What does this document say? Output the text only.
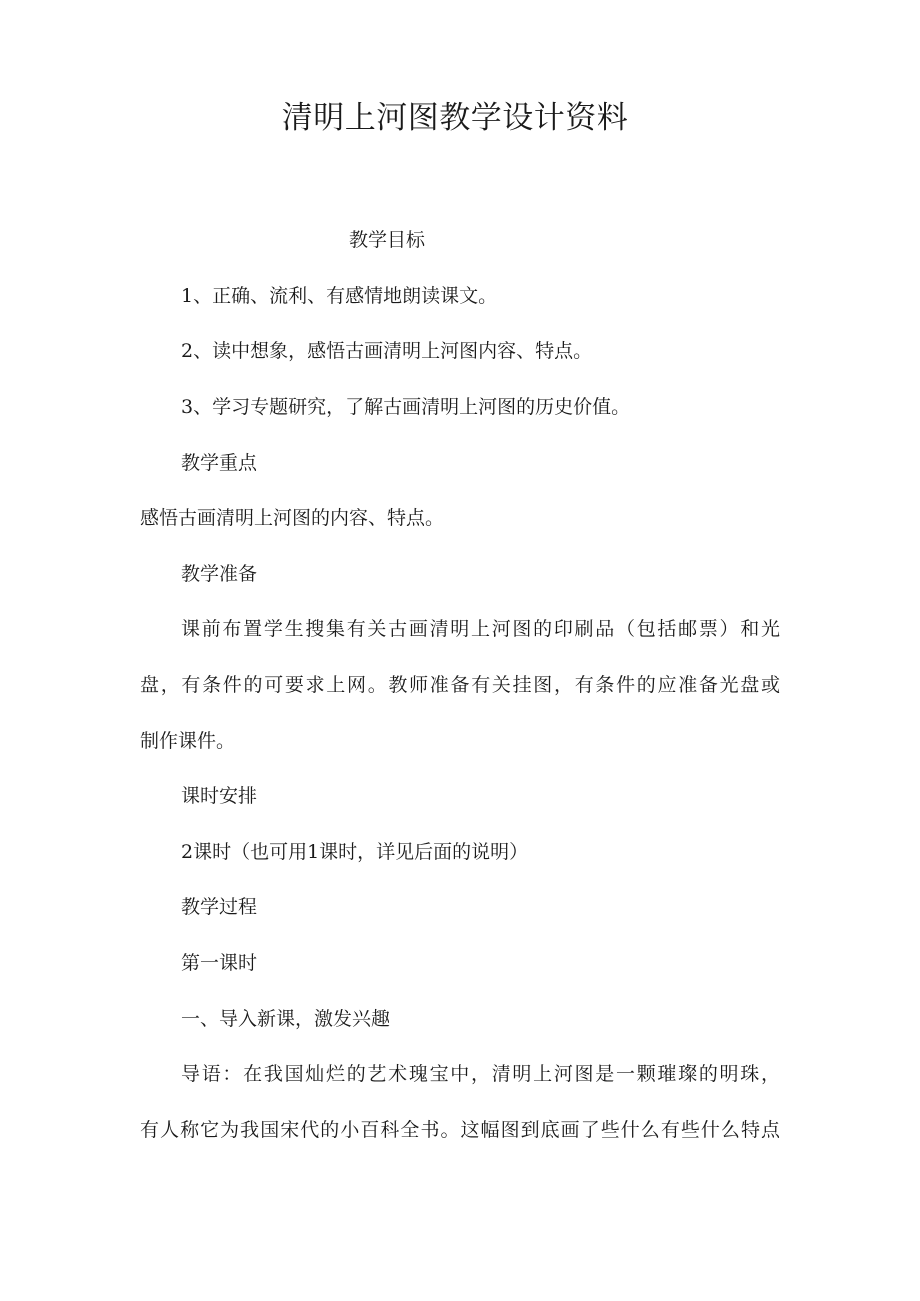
清明上河图教学设计资料

教学目标

1、正确、流利、有感情地朗读课文。

2、读中想象，感悟古画清明上河图内容、特点。

3、学习专题研究，了解古画清明上河图的历史价值。

教学重点

感悟古画清明上河图的内容、特点。

教学准备

课前布置学生搜集有关古画清明上河图的印刷品（包括邮票）和光

盘，有条件的可要求上网。教师准备有关挂图，有条件的应准备光盘或

制作课件。

课时安排

2课时（也可用1课时，详见后面的说明）

教学过程

第一课时

一、导入新课，激发兴趣

导语：在我国灿烂的艺术瑰宝中，清明上河图是一颗璀璨的明珠，

有人称它为我国宋代的小百科全书。这幅图到底画了些什么有些什么特点
